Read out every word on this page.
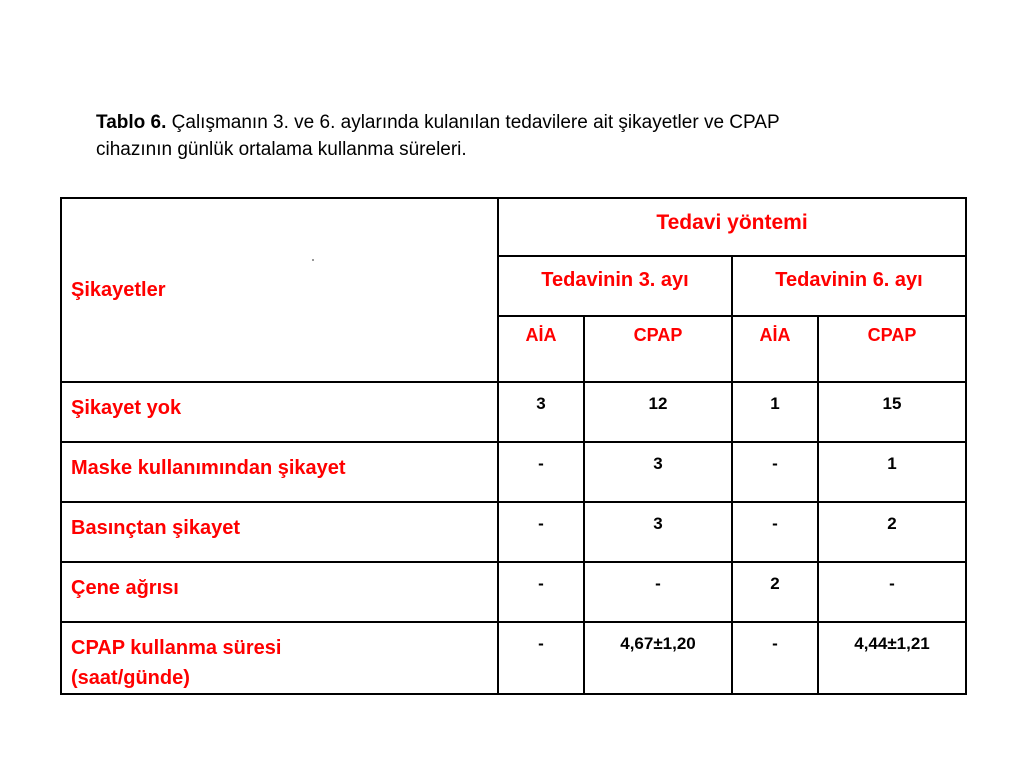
Tablo 6. Çalışmanın 3. ve 6. aylarında kulanılan tedavilere ait şikayetler ve CPAP
cihazının günlük ortalama kullanma süreleri.
Şikayetler	Tedavi yöntemi			
	Tedavinin 3. ayı		Tedavinin 6. ayı	
	AİA	CPAP	AİA	CPAP
Şikayet yok	3	12	1	15
Maske kullanımından şikayet	-	3	-	1
Basınçtan şikayet	-	3	-	2
Çene ağrısı	-	-	2	-
CPAP kullanma süresi
(saat/günde)	-	4,67±1,20	-	4,44±1,21
